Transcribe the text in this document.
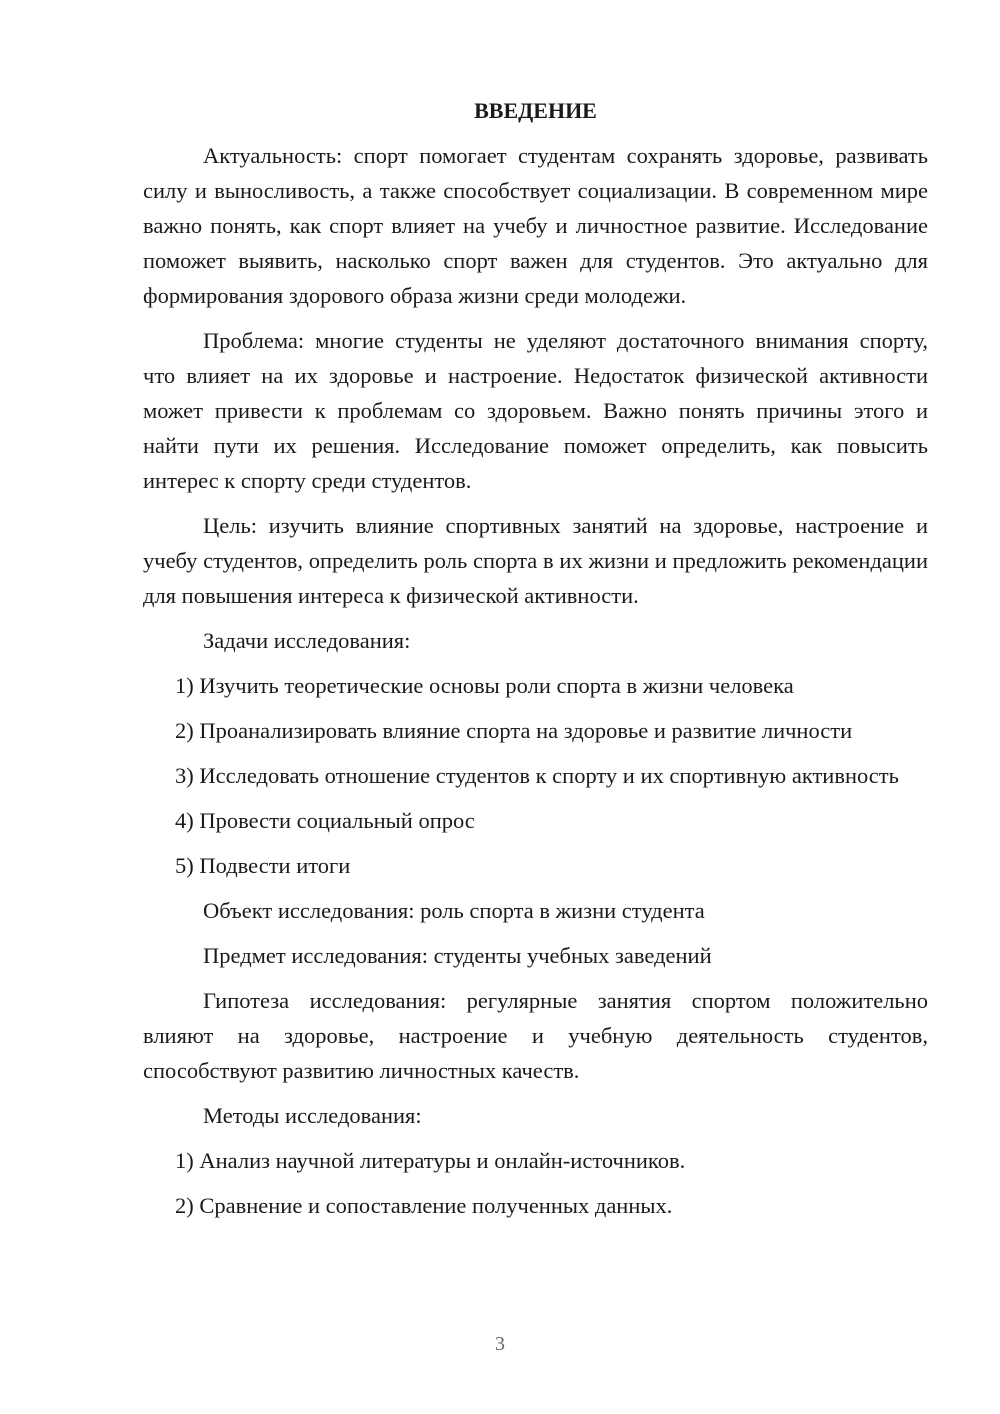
ВВЕДЕНИЕ

Актуальность: спорт помогает студентам сохранять здоровье, развивать силу и выносливость, а также способствует социализации. В современном мире важно понять, как спорт влияет на учебу и личностное развитие. Исследование поможет выявить, насколько спорт важен для студентов. Это актуально для формирования здорового образа жизни среди молодежи.

Проблема: многие студенты не уделяют достаточного внимания спорту, что влияет на их здоровье и настроение. Недостаток физической активности может привести к проблемам со здоровьем. Важно понять причины этого и найти пути их решения. Исследование поможет определить, как повысить интерес к спорту среди студентов.

Цель: изучить влияние спортивных занятий на здоровье, настроение и учебу студентов, определить роль спорта в их жизни и предложить рекомендации для повышения интереса к физической активности.

Задачи исследования:

1) Изучить теоретические основы роли спорта в жизни человека

2) Проанализировать влияние спорта на здоровье и развитие личности

3) Исследовать отношение студентов к спорту и их спортивную активность

4) Провести социальный опрос

5) Подвести итоги

Объект исследования: роль спорта в жизни студента

Предмет исследования: студенты учебных заведений

Гипотеза исследования: регулярные занятия спортом положительно влияют на здоровье, настроение и учебную деятельность студентов, способствуют развитию личностных качеств.

Методы исследования:

1) Анализ научной литературы и онлайн-источников.

2) Сравнение и сопоставление полученных данных.

3
